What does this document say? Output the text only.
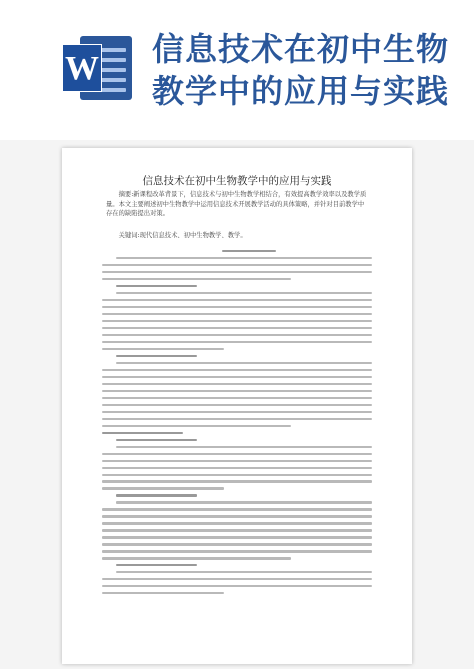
W
信息技术在初中生物教学中的应用与实践
信息技术在初中生物教学中的应用与实践

摘要:新课程改革背景下，信息技术与初中生物教学相结合，有效提高教学效率以及教学质量。本文主要阐述初中生物教学中运用信息技术开展教学活动的具体策略，并针对目前教学中存在的缺陷提出对策。

关键词:现代信息技术、初中生物教学、教学。
